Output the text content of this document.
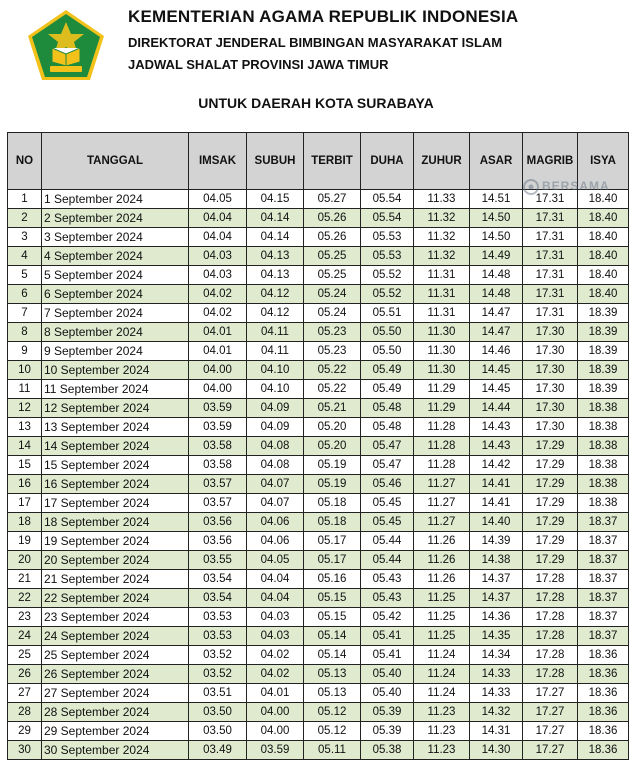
KEMENTERIAN AGAMA REPUBLIK INDONESIA
DIREKTORAT JENDERAL BIMBINGAN MASYARAKAT ISLAM
JADWAL SHALAT PROVINSI JAWA TIMUR
UNTUK DAERAH KOTA SURABAYA
NO	TANGGAL	IMSAK	SUBUH	TERBIT	DUHA	ZUHUR	ASAR	MAGRIB	ISYA
1	1 September 2024	04.05	04.15	05.27	05.54	11.33	14.51	17.31	18.40
2	2 September 2024	04.04	04.14	05.26	05.54	11.32	14.50	17.31	18.40
3	3 September 2024	04.04	04.14	05.26	05.53	11.32	14.50	17.31	18.40
4	4 September 2024	04.03	04.13	05.25	05.53	11.32	14.49	17.31	18.40
5	5 September 2024	04.03	04.13	05.25	05.52	11.31	14.48	17.31	18.40
6	6 September 2024	04.02	04.12	05.24	05.52	11.31	14.48	17.31	18.40
7	7 September 2024	04.02	04.12	05.24	05.51	11.31	14.47	17.31	18.39
8	8 September 2024	04.01	04.11	05.23	05.50	11.30	14.47	17.30	18.39
9	9 September 2024	04.01	04.11	05.23	05.50	11.30	14.46	17.30	18.39
10	10 September 2024	04.00	04.10	05.22	05.49	11.30	14.45	17.30	18.39
11	11 September 2024	04.00	04.10	05.22	05.49	11.29	14.45	17.30	18.39
12	12 September 2024	03.59	04.09	05.21	05.48	11.29	14.44	17.30	18.38
13	13 September 2024	03.59	04.09	05.20	05.48	11.28	14.43	17.30	18.38
14	14 September 2024	03.58	04.08	05.20	05.47	11.28	14.43	17.29	18.38
15	15 September 2024	03.58	04.08	05.19	05.47	11.28	14.42	17.29	18.38
16	16 September 2024	03.57	04.07	05.19	05.46	11.27	14.41	17.29	18.38
17	17 September 2024	03.57	04.07	05.18	05.45	11.27	14.41	17.29	18.38
18	18 September 2024	03.56	04.06	05.18	05.45	11.27	14.40	17.29	18.37
19	19 September 2024	03.56	04.06	05.17	05.44	11.26	14.39	17.29	18.37
20	20 September 2024	03.55	04.05	05.17	05.44	11.26	14.38	17.29	18.37
21	21 September 2024	03.54	04.04	05.16	05.43	11.26	14.37	17.28	18.37
22	22 September 2024	03.54	04.04	05.15	05.43	11.25	14.37	17.28	18.37
23	23 September 2024	03.53	04.03	05.15	05.42	11.25	14.36	17.28	18.37
24	24 September 2024	03.53	04.03	05.14	05.41	11.25	14.35	17.28	18.37
25	25 September 2024	03.52	04.02	05.14	05.41	11.24	14.34	17.28	18.36
26	26 September 2024	03.52	04.02	05.13	05.40	11.24	14.33	17.28	18.36
27	27 September 2024	03.51	04.01	05.13	05.40	11.24	14.33	17.27	18.36
28	28 September 2024	03.50	04.00	05.12	05.39	11.23	14.32	17.27	18.36
29	29 September 2024	03.50	04.00	05.12	05.39	11.23	14.31	17.27	18.36
30	30 September 2024	03.49	03.59	05.11	05.38	11.23	14.30	17.27	18.36
BERSAMA
